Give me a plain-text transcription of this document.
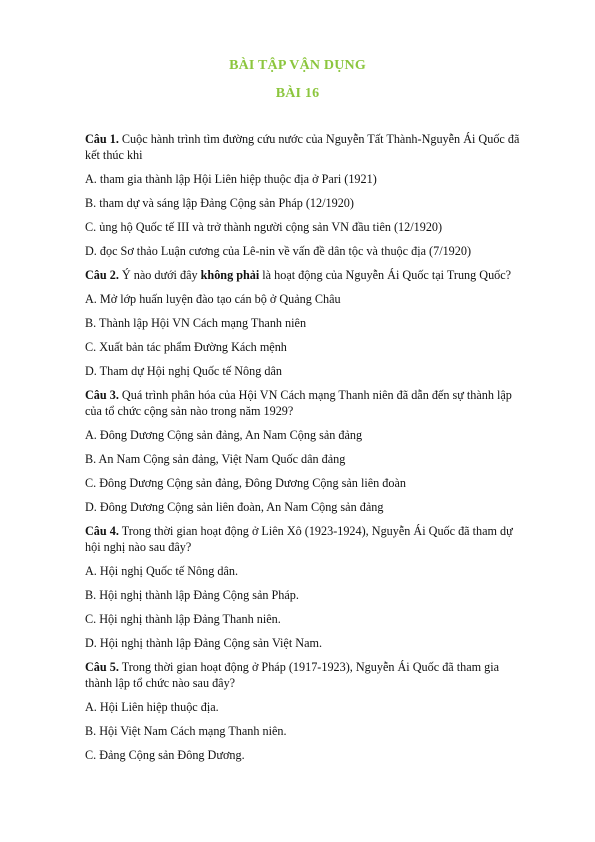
BÀI TẬP VẬN DỤNG
BÀI 16
Câu 1. Cuộc hành trình tìm đường cứu nước của Nguyễn Tất Thành-Nguyễn Ái Quốc đã kết thúc khi
A. tham gia thành lập Hội Liên hiệp thuộc địa ở Pari (1921)
B. tham dự và sáng lập Đảng Cộng sản Pháp (12/1920)
C. ủng hộ Quốc tế III và trở thành người cộng sản VN đầu tiên (12/1920)
D. đọc Sơ thảo Luận cương của Lê-nin về vấn đề dân tộc và thuộc địa (7/1920)
Câu 2. Ý nào dưới đây không phải là hoạt động của Nguyễn Ái Quốc tại Trung Quốc?
A. Mở lớp huấn luyện đào tạo cán bộ ở Quảng Châu
B. Thành lập Hội VN Cách mạng Thanh niên
C. Xuất bản tác phẩm Đường Kách mệnh
D. Tham dự Hội nghị Quốc tế Nông dân
Câu 3. Quá trình phân hóa của Hội VN Cách mạng Thanh niên đã dẫn đến sự thành lập của tổ chức cộng sản nào trong năm 1929?
A. Đông Dương Cộng sản đảng, An Nam Cộng sản đảng
B. An Nam Cộng sản đảng, Việt Nam Quốc dân đảng
C. Đông Dương Cộng sản đảng, Đông Dương Cộng sản liên đoàn
D. Đông Dương Cộng sản liên đoàn, An Nam Cộng sản đảng
Câu 4. Trong thời gian hoạt động ở Liên Xô (1923-1924), Nguyễn Ái Quốc đã tham dự hội nghị nào sau đây?
A. Hội nghị Quốc tế Nông dân.
B. Hội nghị thành lập Đảng Cộng sản Pháp.
C. Hội nghị thành lập Đảng Thanh niên.
D. Hội nghị thành lập Đảng Cộng sản Việt Nam.
Câu 5. Trong thời gian hoạt động ở Pháp (1917-1923), Nguyễn Ái Quốc đã tham gia thành lập tổ chức nào sau đây?
A. Hội Liên hiệp thuộc địa.
B. Hội Việt Nam Cách mạng Thanh niên.
C. Đảng Cộng sản Đông Dương.
